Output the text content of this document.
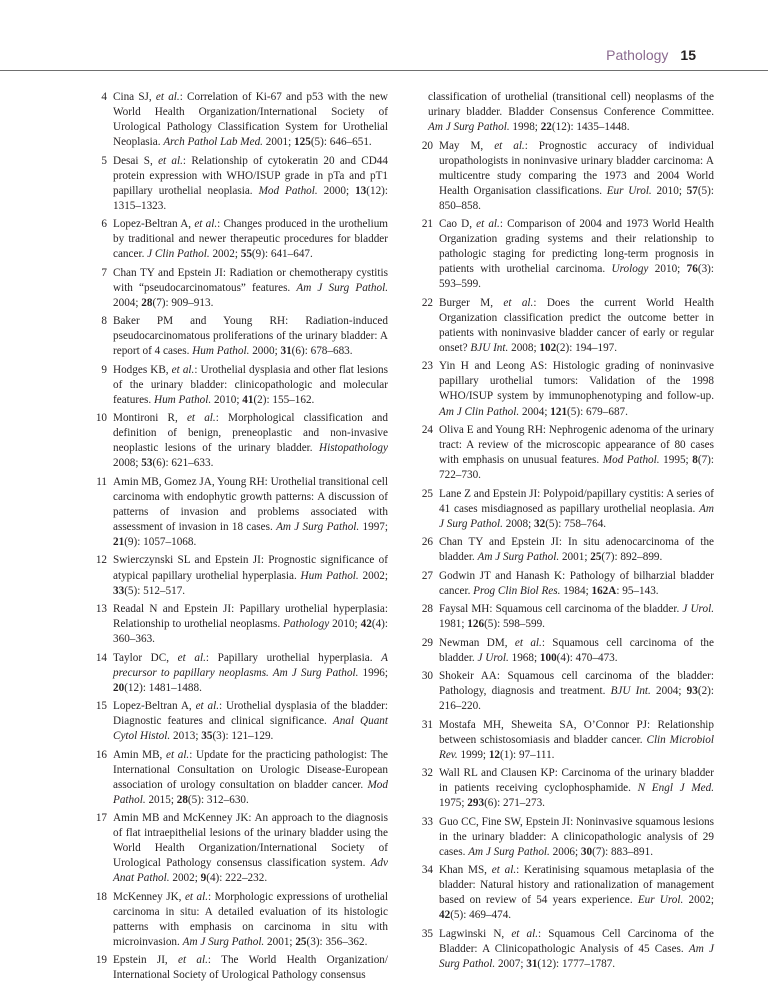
Pathology 15

4 Cina SJ, et al.: Correlation of Ki-67 and p53 with the new World Health Organization/International Society of Urological Pathology Classification System for Urothelial Neoplasia. Arch Pathol Lab Med. 2001; 125(5): 646–651.

5 Desai S, et al.: Relationship of cytokeratin 20 and CD44 protein expression with WHO/ISUP grade in pTa and pT1 papillary urothelial neoplasia. Mod Pathol. 2000; 13(12): 1315–1323.

6 Lopez-Beltran A, et al.: Changes produced in the urothelium by traditional and newer therapeutic procedures for bladder cancer. J Clin Pathol. 2002; 55(9): 641–647.

7 Chan TY and Epstein JI: Radiation or chemotherapy cystitis with “pseudocarcinomatous” features. Am J Surg Pathol. 2004; 28(7): 909–913.

8 Baker PM and Young RH: Radiation-induced pseudocarcinomatous proliferations of the urinary bladder: A report of 4 cases. Hum Pathol. 2000; 31(6): 678–683.

9 Hodges KB, et al.: Urothelial dysplasia and other flat lesions of the urinary bladder: clinicopathologic and molecular features. Hum Pathol. 2010; 41(2): 155–162.

10 Montironi R, et al.: Morphological classification and definition of benign, preneoplastic and non-invasive neoplastic lesions of the urinary bladder. Histopathology 2008; 53(6): 621–633.

11 Amin MB, Gomez JA, Young RH: Urothelial transitional cell carcinoma with endophytic growth patterns: A discussion of patterns of invasion and problems associated with assessment of invasion in 18 cases. Am J Surg Pathol. 1997; 21(9): 1057–1068.

12 Swierczynski SL and Epstein JI: Prognostic significance of atypical papillary urothelial hyperplasia. Hum Pathol. 2002; 33(5): 512–517.

13 Readal N and Epstein JI: Papillary urothelial hyperplasia: Relationship to urothelial neoplasms. Pathology 2010; 42(4): 360–363.

14 Taylor DC, et al.: Papillary urothelial hyperplasia. A precursor to papillary neoplasms. Am J Surg Pathol. 1996; 20(12): 1481–1488.

15 Lopez-Beltran A, et al.: Urothelial dysplasia of the bladder: Diagnostic features and clinical significance. Anal Quant Cytol Histol. 2013; 35(3): 121–129.

16 Amin MB, et al.: Update for the practicing pathologist: The International Consultation on Urologic Disease-European association of urology consultation on bladder cancer. Mod Pathol. 2015; 28(5): 312–630.

17 Amin MB and McKenney JK: An approach to the diagnosis of flat intraepithelial lesions of the urinary bladder using the World Health Organization/International Society of Urological Pathology consensus classification system. Adv Anat Pathol. 2002; 9(4): 222–232.

18 McKenney JK, et al.: Morphologic expressions of urothelial carcinoma in situ: A detailed evaluation of its histologic patterns with emphasis on carcinoma in situ with microinvasion. Am J Surg Pathol. 2001; 25(3): 356–362.

19 Epstein JI, et al.: The World Health Organization/ International Society of Urological Pathology consensus

classification of urothelial (transitional cell) neoplasms of the urinary bladder. Bladder Consensus Conference Committee. Am J Surg Pathol. 1998; 22(12): 1435–1448.

20 May M, et al.: Prognostic accuracy of individual uropathologists in noninvasive urinary bladder carcinoma: A multicentre study comparing the 1973 and 2004 World Health Organisation classifications. Eur Urol. 2010; 57(5): 850–858.

21 Cao D, et al.: Comparison of 2004 and 1973 World Health Organization grading systems and their relationship to pathologic staging for predicting long-term prognosis in patients with urothelial carcinoma. Urology 2010; 76(3): 593–599.

22 Burger M, et al.: Does the current World Health Organization classification predict the outcome better in patients with noninvasive bladder cancer of early or regular onset? BJU Int. 2008; 102(2): 194–197.

23 Yin H and Leong AS: Histologic grading of noninvasive papillary urothelial tumors: Validation of the 1998 WHO/ISUP system by immunophenotyping and follow-up. Am J Clin Pathol. 2004; 121(5): 679–687.

24 Oliva E and Young RH: Nephrogenic adenoma of the urinary tract: A review of the microscopic appearance of 80 cases with emphasis on unusual features. Mod Pathol. 1995; 8(7): 722–730.

25 Lane Z and Epstein JI: Polypoid/papillary cystitis: A series of 41 cases misdiagnosed as papillary urothelial neoplasia. Am J Surg Pathol. 2008; 32(5): 758–764.

26 Chan TY and Epstein JI: In situ adenocarcinoma of the bladder. Am J Surg Pathol. 2001; 25(7): 892–899.

27 Godwin JT and Hanash K: Pathology of bilharzial bladder cancer. Prog Clin Biol Res. 1984; 162A: 95–143.

28 Faysal MH: Squamous cell carcinoma of the bladder. J Urol. 1981; 126(5): 598–599.

29 Newman DM, et al.: Squamous cell carcinoma of the bladder. J Urol. 1968; 100(4): 470–473.

30 Shokeir AA: Squamous cell carcinoma of the bladder: Pathology, diagnosis and treatment. BJU Int. 2004; 93(2): 216–220.

31 Mostafa MH, Sheweita SA, O’Connor PJ: Relationship between schistosomiasis and bladder cancer. Clin Microbiol Rev. 1999; 12(1): 97–111.

32 Wall RL and Clausen KP: Carcinoma of the urinary bladder in patients receiving cyclophosphamide. N Engl J Med. 1975; 293(6): 271–273.

33 Guo CC, Fine SW, Epstein JI: Noninvasive squamous lesions in the urinary bladder: A clinicopathologic analysis of 29 cases. Am J Surg Pathol. 2006; 30(7): 883–891.

34 Khan MS, et al.: Keratinising squamous metaplasia of the bladder: Natural history and rationalization of management based on review of 54 years experience. Eur Urol. 2002; 42(5): 469–474.

35 Lagwinski N, et al.: Squamous Cell Carcinoma of the Bladder: A Clinicopathologic Analysis of 45 Cases. Am J Surg Pathol. 2007; 31(12): 1777–1787.
